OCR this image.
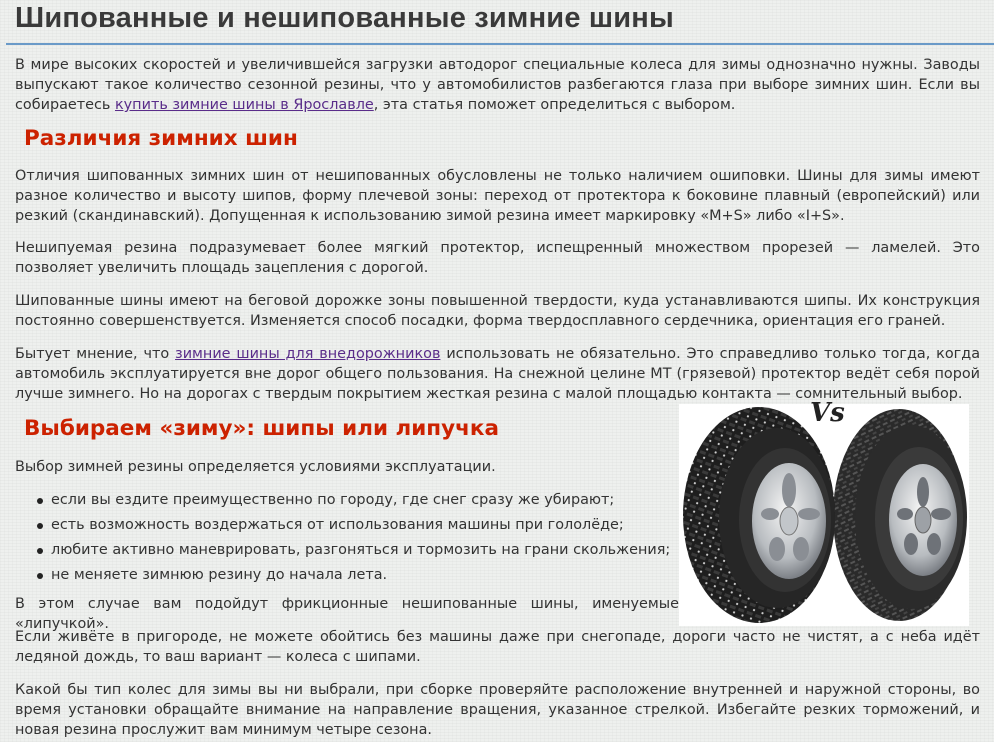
Шипованные и нешипованные зимние шины

В мире высоких скоростей и увеличившейся загрузки автодорог специальные колеса для зимы однозначно нужны. Заводы выпускают такое количество сезонной резины, что у автомобилистов разбегаются глаза при выборе зимних шин. Если вы собираетесь купить зимние шины в Ярославле, эта статья поможет определиться с выбором.

Различия зимних шин

Отличия шипованных зимних шин от нешипованных обусловлены не только наличием ошиповки. Шины для зимы имеют разное количество и высоту шипов, форму плечевой зоны: переход от протектора к боковине плавный (европейский) или резкий (скандинавский). Допущенная к использованию зимой резина имеет маркировку «M+S» либо «I+S».

Нешипуемая резина подразумевает более мягкий протектор, испещренный множеством прорезей — ламелей. Это позволяет увеличить площадь зацепления с дорогой.

Шипованные шины имеют на беговой дорожке зоны повышенной твердости, куда устанавливаются шипы. Их конструкция постоянно совершенствуется. Изменяется способ посадки, форма твердосплавного сердечника, ориентация его граней.

Бытует мнение, что зимние шины для внедорожников использовать не обязательно. Это справедливо только тогда, когда автомобиль эксплуатируется вне дорог общего пользования. На снежной целине МТ (грязевой) протектор ведёт себя порой лучше зимнего. Но на дорогах с твердым покрытием жесткая резина с малой площадью контакта — сомнительный выбор.

Выбираем «зиму»: шипы или липучка

Выбор зимней резины определяется условиями эксплуатации.

если вы ездите преимущественно по городу, где снег сразу же убирают;
есть возможность воздержаться от использования машины при гололёде;
любите активно маневрировать, разгоняться и тормозить на грани скольжения;
не меняете зимнюю резину до начала лета.

В этом случае вам подойдут фрикционные нешипованные шины, именуемые «липучкой».

Если живёте в пригороде, не можете обойтись без машины даже при снегопаде, дороги часто не чистят, а с неба идёт ледяной дождь, то ваш вариант — колеса с шипами.

Какой бы тип колес для зимы вы ни выбрали, при сборке проверяйте расположение внутренней и наружной стороны, во время установки обращайте внимание на направление вращения, указанное стрелкой. Избегайте резких торможений, и новая резина прослужит вам минимум четыре сезона.

Vs
